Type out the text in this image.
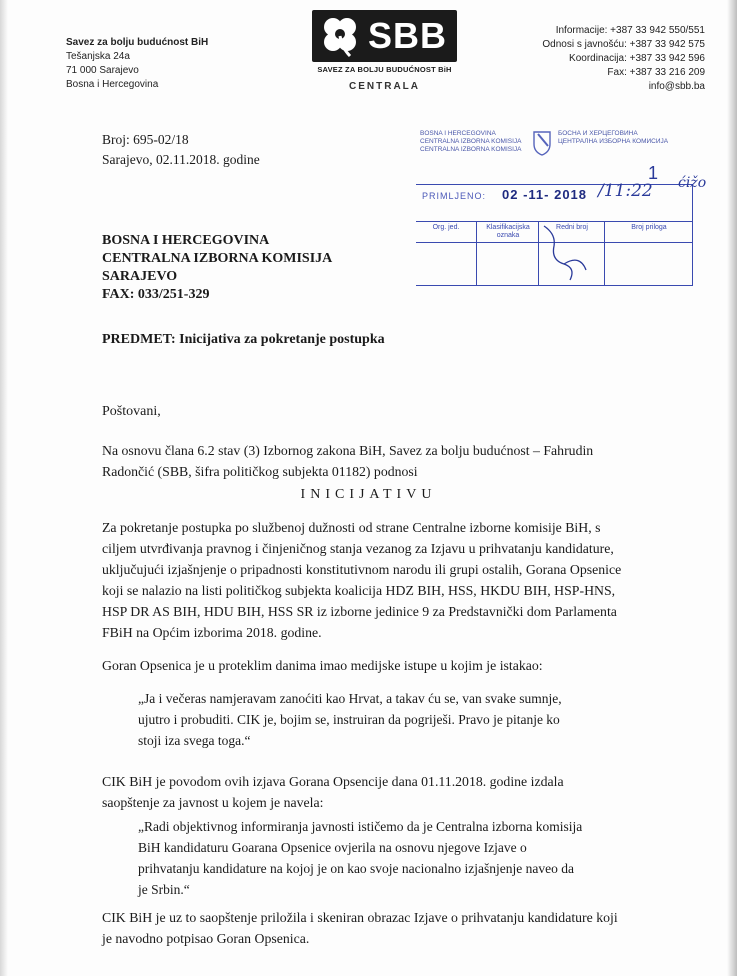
Savez za bolju budućnost BiH
Tešanjska 24a
71 000 Sarajevo
Bosna i Hercegovina
SBB
SAVEZ ZA BOLJU BUDUĆNOST BiH
CENTRALA
Informacije: +387 33 942 550/551
Odnosi s javnošću: +387 33 942 575
Koordinacija: +387 33 942 596
Fax: +387 33 216 209
info@sbb.ba
Broj: 695-02/18
Sarajevo, 02.11.2018. godine
BOSNA I HERCEGOVINA
CENTRALNA IZBORNA KOMISIJA
CENTRALNA IZBORNA KOMISIJA
БОСНА И ХЕРЦЕГОВИНА
ЦЕНТРАЛНА ИЗБОРНА КОМИСИЈА
PRIMLJENO: 02 -11- 2018 /11:22
1 ćižo
Org. jed.	Klasifikacijska oznaka
Redni broj	Broj priloga
BOSNA I HERCEGOVINA
CENTRALNA IZBORNA KOMISIJA
SARAJEVO
FAX: 033/251-329
PREDMET: Inicijativa za pokretanje postupka
Poštovani,
Na osnovu člana 6.2 stav (3) Izbornog zakona BiH, Savez za bolju budućnost – Fahrudin
Radončić (SBB, šifra političkog subjekta 01182) podnosi
INICIJATIVU
Za pokretanje postupka po službenoj dužnosti od strane Centralne izborne komisije BiH, s
ciljem utvrđivanja pravnog i činjeničnog stanja vezanog za Izjavu u prihvatanju kandidature,
uključujući izjašnjenje o pripadnosti konstitutivnom narodu ili grupi ostalih, Gorana Opsenice
koji se nalazio na listi političkog subjekta koalicija HDZ BIH, HSS, HKDU BIH, HSP-HNS,
HSP DR AS BIH, HDU BIH, HSS SR iz izborne jedinice 9 za Predstavnički dom Parlamenta
FBiH na Općim izborima 2018. godine.
Goran Opsenica je u proteklim danima imao medijske istupe u kojim je istakao:
„Ja i večeras namjeravam zanoćiti kao Hrvat, a takav ću se, van svake sumnje,
ujutro i probuditi. CIK je, bojim se, instruiran da pogriješi. Pravo je pitanje ko
stoji iza svega toga.“
CIK BiH je povodom ovih izjava Gorana Opsencije dana 01.11.2018. godine izdala
saopštenje za javnost u kojem je navela:
„Radi objektivnog informiranja javnosti ističemo da je Centralna izborna komisija
BiH kandidaturu Goarana Opsenice ovjerila na osnovu njegove Izjave o
prihvatanju kandidature na kojoj je on kao svoje nacionalno izjašnjenje naveo da
je Srbin.“
CIK BiH je uz to saopštenje priložila i skeniran obrazac Izjave o prihvatanju kandidature koji
je navodno potpisao Goran Opsenica.
